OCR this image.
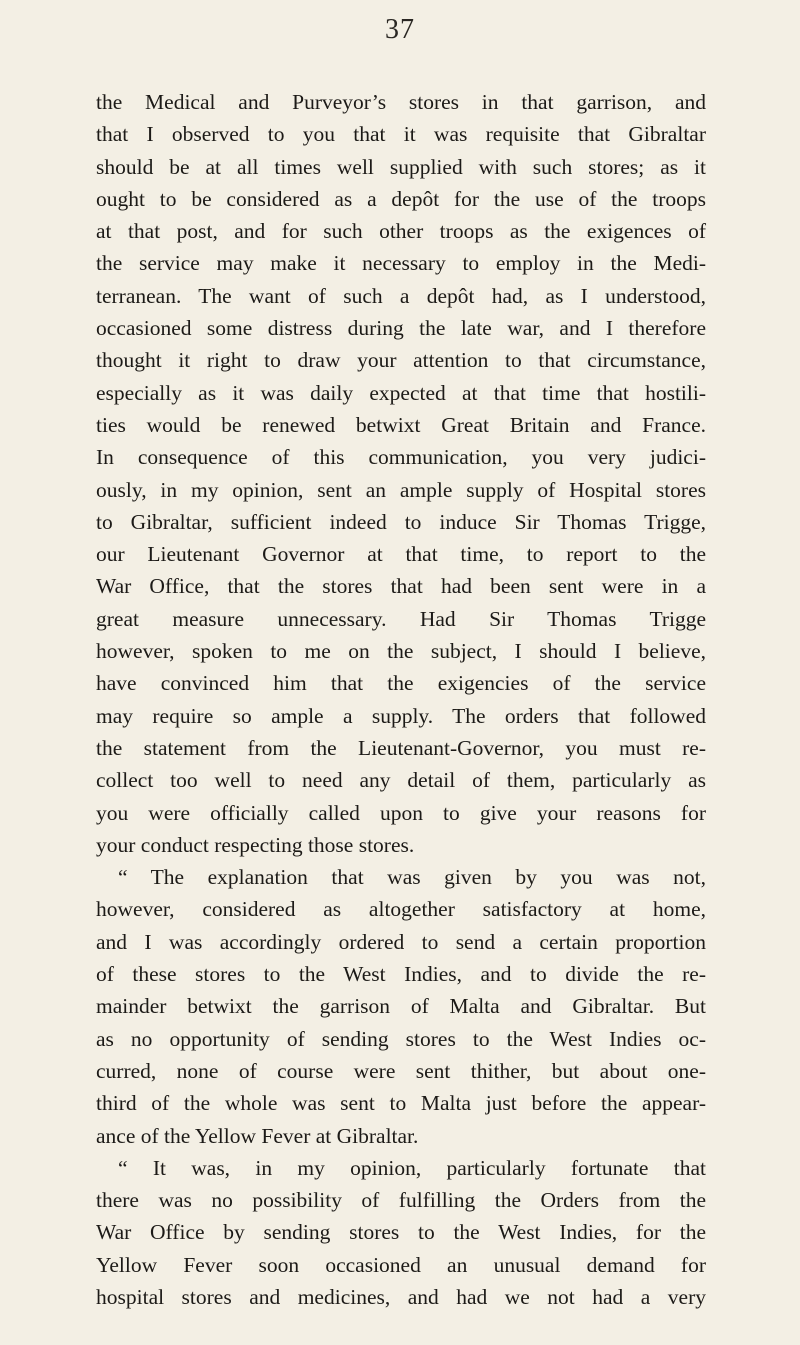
37
the Medical and Purveyor’s stores in that garrison, and
that I observed to you that it was requisite that Gibraltar
should be at all times well supplied with such stores; as it
ought to be considered as a depôt for the use of the troops
at that post, and for such other troops as the exigences of
the service may make it necessary to employ in the Medi-
terranean. The want of such a depôt had, as I understood,
occasioned some distress during the late war, and I therefore
thought it right to draw your attention to that circumstance,
especially as it was daily expected at that time that hostili-
ties would be renewed betwixt Great Britain and France.
In consequence of this communication, you very judici-
ously, in my opinion, sent an ample supply of Hospital stores
to Gibraltar, sufficient indeed to induce Sir Thomas Trigge,
our Lieutenant Governor at that time, to report to the
War Office, that the stores that had been sent were in a
great measure unnecessary. Had Sir Thomas Trigge
however, spoken to me on the subject, I should I believe,
have convinced him that the exigencies of the service
may require so ample a supply. The orders that followed
the statement from the Lieutenant-Governor, you must re-
collect too well to need any detail of them, particularly as
you were officially called upon to give your reasons for
your conduct respecting those stores.
“ The explanation that was given by you was not,
however, considered as altogether satisfactory at home,
and I was accordingly ordered to send a certain proportion
of these stores to the West Indies, and to divide the re-
mainder betwixt the garrison of Malta and Gibraltar. But
as no opportunity of sending stores to the West Indies oc-
curred, none of course were sent thither, but about one-
third of the whole was sent to Malta just before the appear-
ance of the Yellow Fever at Gibraltar.
“ It was, in my opinion, particularly fortunate that
there was no possibility of fulfilling the Orders from the
War Office by sending stores to the West Indies, for the
Yellow Fever soon occasioned an unusual demand for
hospital stores and medicines, and had we not had a very
